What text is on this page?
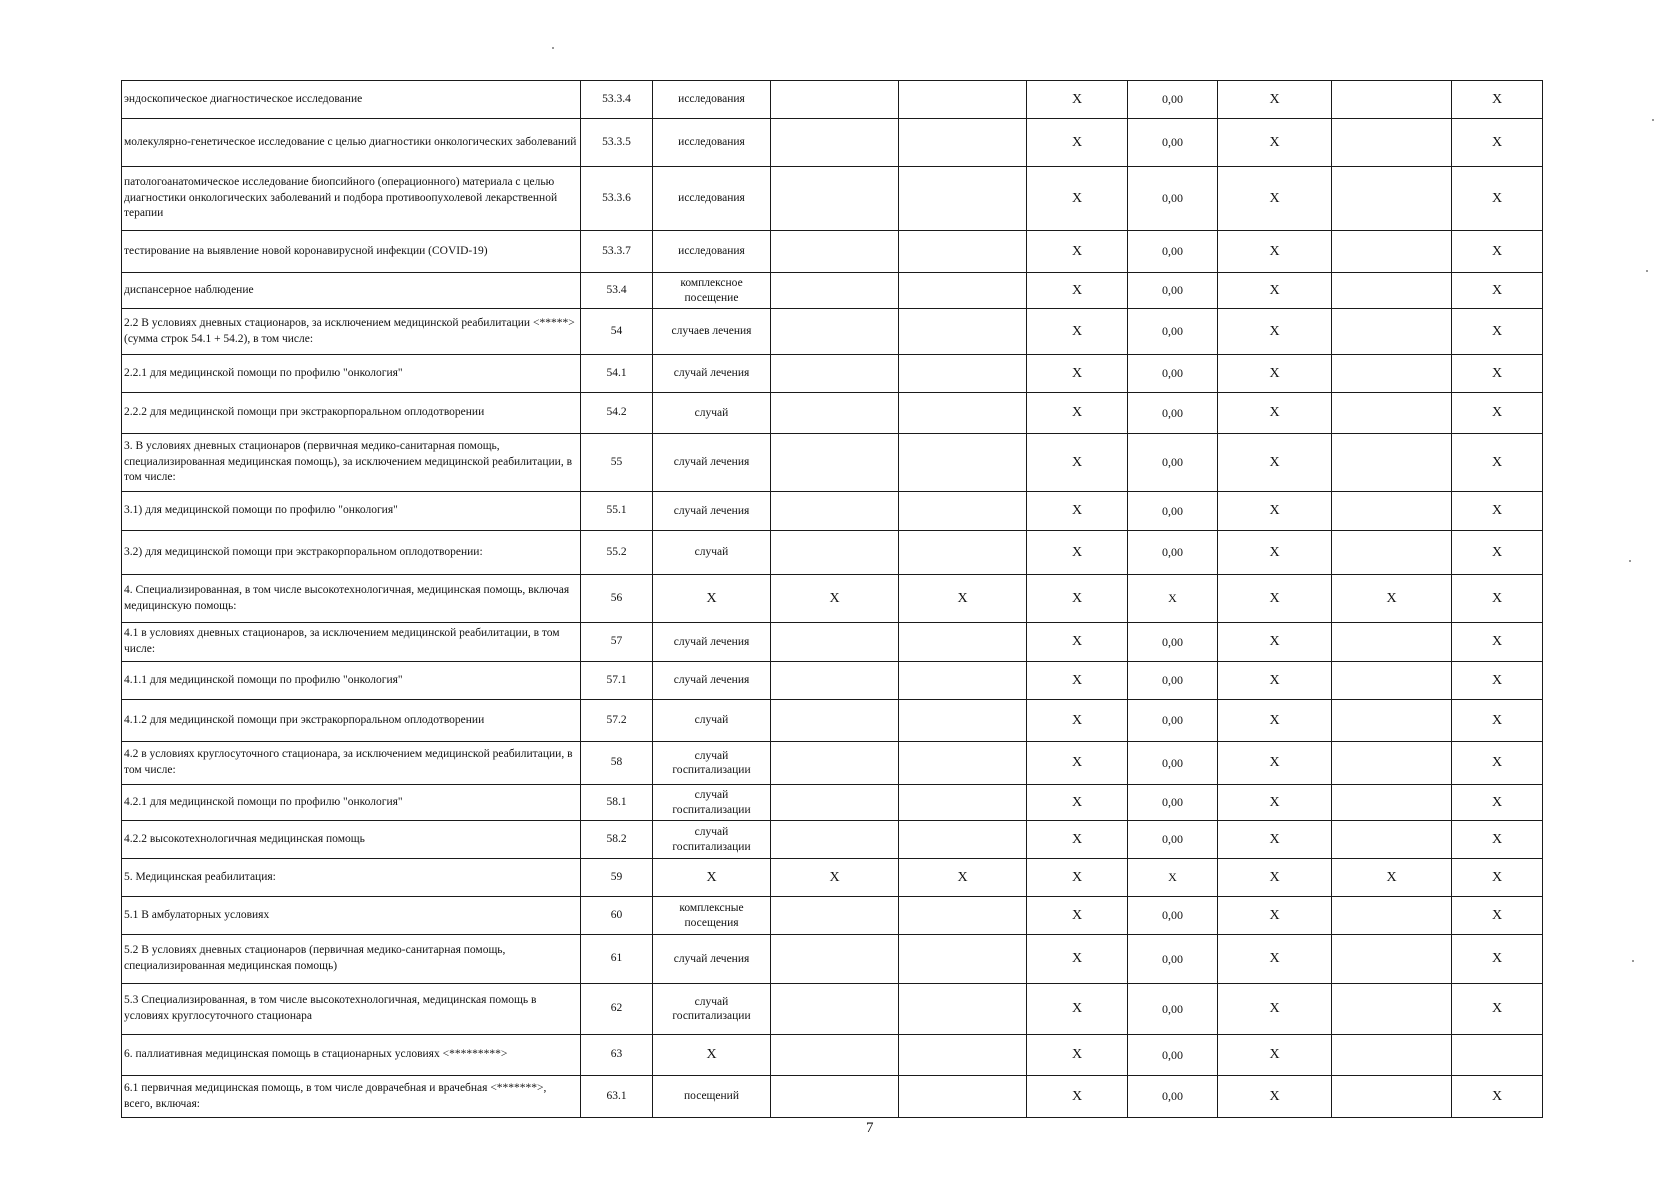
эндоскопическое диагностическое исследование	53.3.4	исследования			X	0,00	X		X
молекулярно-генетическое исследование с целью диагностики онкологических заболеваний	53.3.5	исследования			X	0,00	X		X
патологоанатомическое исследование биопсийного (операционного) материала с целью диагностики онкологических заболеваний и подбора противоопухолевой лекарственной терапии	53.3.6	исследования			X	0,00	X		X
тестирование на выявление новой коронавирусной инфекции (COVID-19)	53.3.7	исследования			X	0,00	X		X
диспансерное наблюдение	53.4	комплексное посещение			X	0,00	X		X
2.2 В условиях дневных стационаров, за исключением медицинской реабилитации <*****> (сумма строк 54.1 + 54.2), в том числе:	54	случаев лечения			X	0,00	X		X
2.2.1 для медицинской помощи по профилю "онкология"	54.1	случай лечения			X	0,00	X		X
2.2.2 для медицинской помощи при экстракорпоральном оплодотворении	54.2	случай			X	0,00	X		X
3. В условиях дневных стационаров (первичная медико-санитарная помощь, специализированная медицинская помощь), за исключением медицинской реабилитации, в том числе:	55	случай лечения			X	0,00	X		X
3.1) для медицинской помощи по профилю "онкология"	55.1	случай лечения			X	0,00	X		X
3.2) для медицинской помощи при экстракорпоральном оплодотворении:	55.2	случай			X	0,00	X		X
4. Специализированная, в том числе высокотехнологичная, медицинская помощь, включая медицинскую помощь:	56	X	X	X	X	X	X	X	X
4.1 в условиях дневных стационаров, за исключением медицинской реабилитации, в том числе:	57	случай лечения			X	0,00	X		X
4.1.1 для медицинской помощи по профилю "онкология"	57.1	случай лечения			X	0,00	X		X
4.1.2 для медицинской помощи при экстракорпоральном оплодотворении	57.2	случай			X	0,00	X		X
4.2 в условиях круглосуточного стационара, за исключением медицинской реабилитации, в том числе:	58	случай госпитализации			X	0,00	X		X
4.2.1 для медицинской помощи по профилю "онкология"	58.1	случай госпитализации			X	0,00	X		X
4.2.2 высокотехнологичная медицинская помощь	58.2	случай госпитализации			X	0,00	X		X
5. Медицинская реабилитация:	59	X	X	X	X	X	X	X	X
5.1 В амбулаторных условиях	60	комплексные посещения			X	0,00	X		X
5.2 В условиях дневных стационаров (первичная медико-санитарная помощь, специализированная медицинская помощь)	61	случай лечения			X	0,00	X		X
5.3 Специализированная, в том числе высокотехнологичная, медицинская помощь в условиях круглосуточного стационара	62	случай госпитализации			X	0,00	X		X
6. паллиативная медицинская помощь в стационарных условиях <*********>	63	X			X	0,00	X		
6.1 первичная медицинская помощь, в том числе доврачебная и врачебная <*******>, всего, включая:	63.1	посещений			X	0,00	X		X
7
